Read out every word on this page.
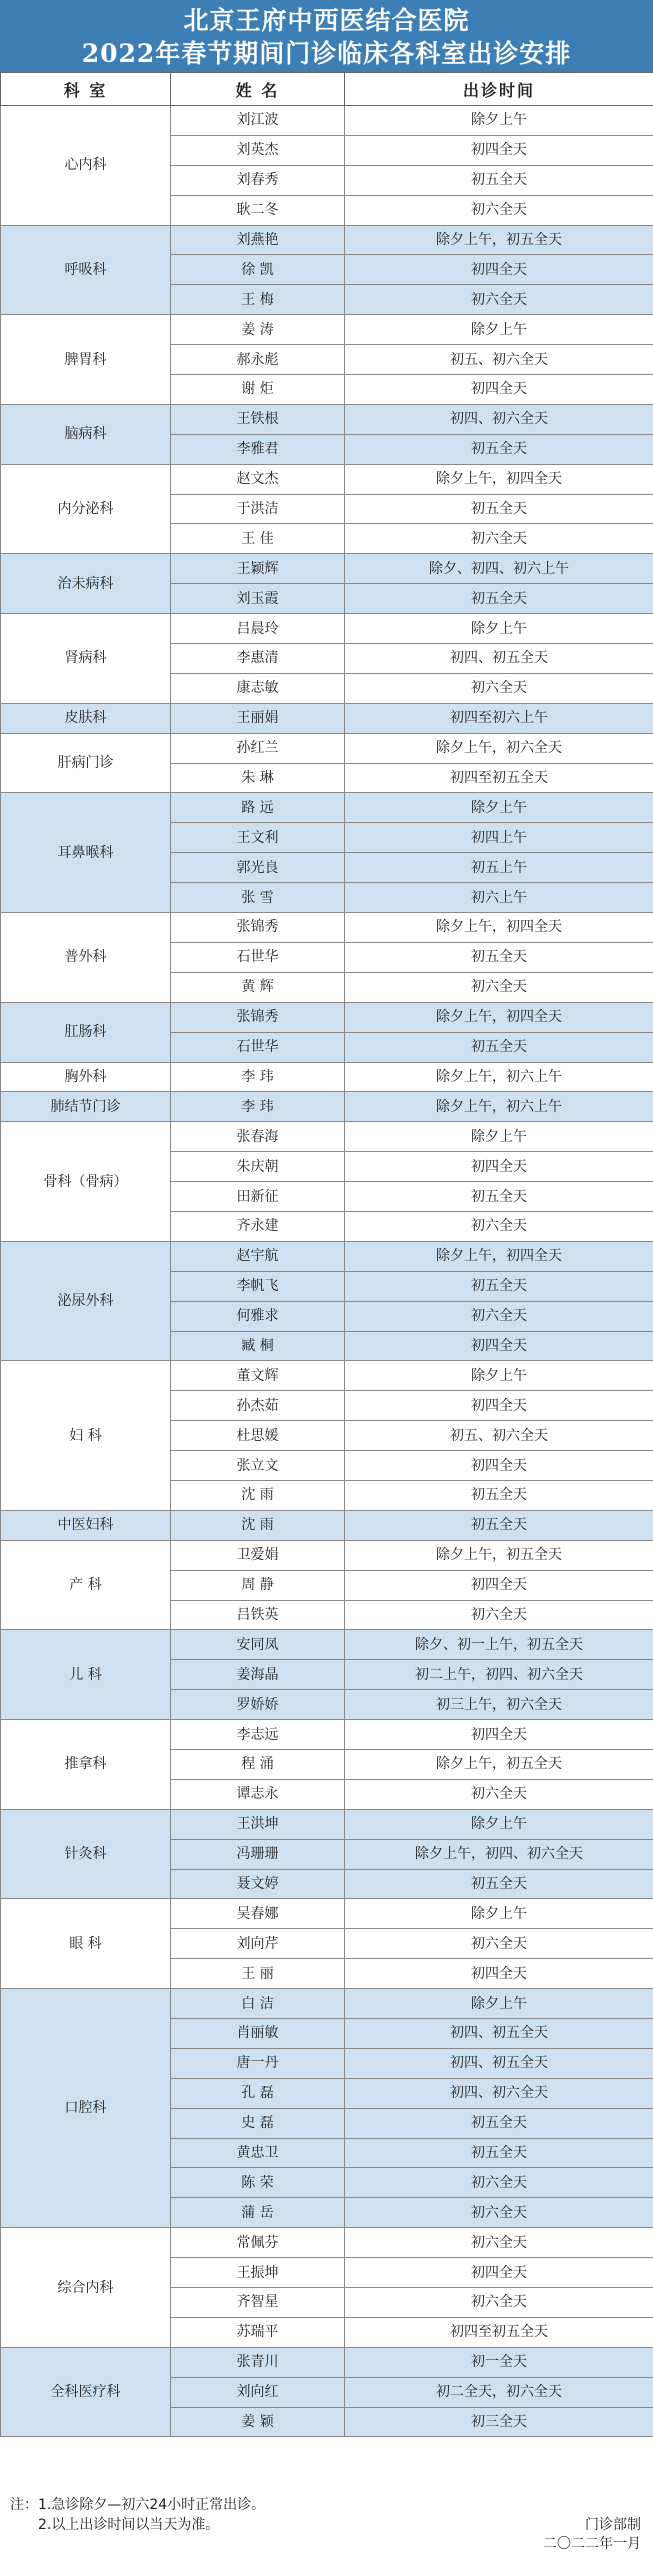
北京王府中西医结合医院
2022年春节期间门诊临床各科室出诊安排
科 室	姓 名	出诊时间
心内科	刘江波	除夕上午
	刘英杰	初四全天
	刘春秀	初五全天
	耿二冬	初六全天
呼吸科	刘燕艳	除夕上午，初五全天
	徐 凯	初四全天
	王 梅	初六全天
脾胃科	姜 涛	除夕上午
	郝永彪	初五、初六全天
	谢 炬	初四全天
脑病科	王铁根	初四、初六全天
	李雅君	初五全天
内分泌科	赵文杰	除夕上午，初四全天
	于洪洁	初五全天
	王 佳	初六全天
治未病科	王颖辉	除夕、初四、初六上午
	刘玉霞	初五全天
肾病科	吕晨玲	除夕上午
	李惠清	初四、初五全天
	康志敏	初六全天
皮肤科	王丽娟	初四至初六上午
肝病门诊	孙红兰	除夕上午，初六全天
	朱 琳	初四至初五全天
耳鼻喉科	路 远	除夕上午
	王文利	初四上午
	郭光良	初五上午
	张 雪	初六上午
普外科	张锦秀	除夕上午，初四全天
	石世华	初五全天
	黄 辉	初六全天
肛肠科	张锦秀	除夕上午，初四全天
	石世华	初五全天
胸外科	李 玮	除夕上午，初六上午
肺结节门诊	李 玮	除夕上午，初六上午
骨科（骨病）	张春海	除夕上午
	朱庆朝	初四全天
	田新征	初五全天
	齐永建	初六全天
泌尿外科	赵宇航	除夕上午，初四全天
	李帆飞	初五全天
	何雅求	初六全天
	臧 桐	初四全天
妇 科	董文辉	除夕上午
	孙杰茹	初四全天
	杜思媛	初五、初六全天
	张立文	初四全天
	沈 雨	初五全天
中医妇科	沈 雨	初五全天
产 科	卫爱娟	除夕上午，初五全天
	周 静	初四全天
	吕铁英	初六全天
儿 科	安同凤	除夕、初一上午，初五全天
	姜海晶	初二上午，初四、初六全天
	罗娇娇	初三上午，初六全天
推拿科	李志远	初四全天
	程 涌	除夕上午，初五全天
	谭志永	初六全天
针灸科	王洪坤	除夕上午
	冯珊珊	除夕上午，初四、初六全天
	聂文婷	初五全天
眼 科	吴春娜	除夕上午
	刘向芹	初六全天
	王 丽	初四全天
口腔科	白 洁	除夕上午
	肖丽敏	初四、初五全天
	唐一丹	初四、初五全天
	孔 磊	初四、初六全天
	史 磊	初五全天
	黄忠卫	初五全天
	陈 荣	初六全天
	蒲 岳	初六全天
综合内科	常佩芬	初六全天
	王振坤	初四全天
	齐智星	初六全天
	苏瑞平	初四至初五全天
全科医疗科	张青川	初一全天
	刘向红	初二全天，初六全天
	姜 颖	初三全天
注：1.急诊除夕—初六24小时正常出诊。
2.以上出诊时间以当天为准。	门诊部制
二〇二二年一月
